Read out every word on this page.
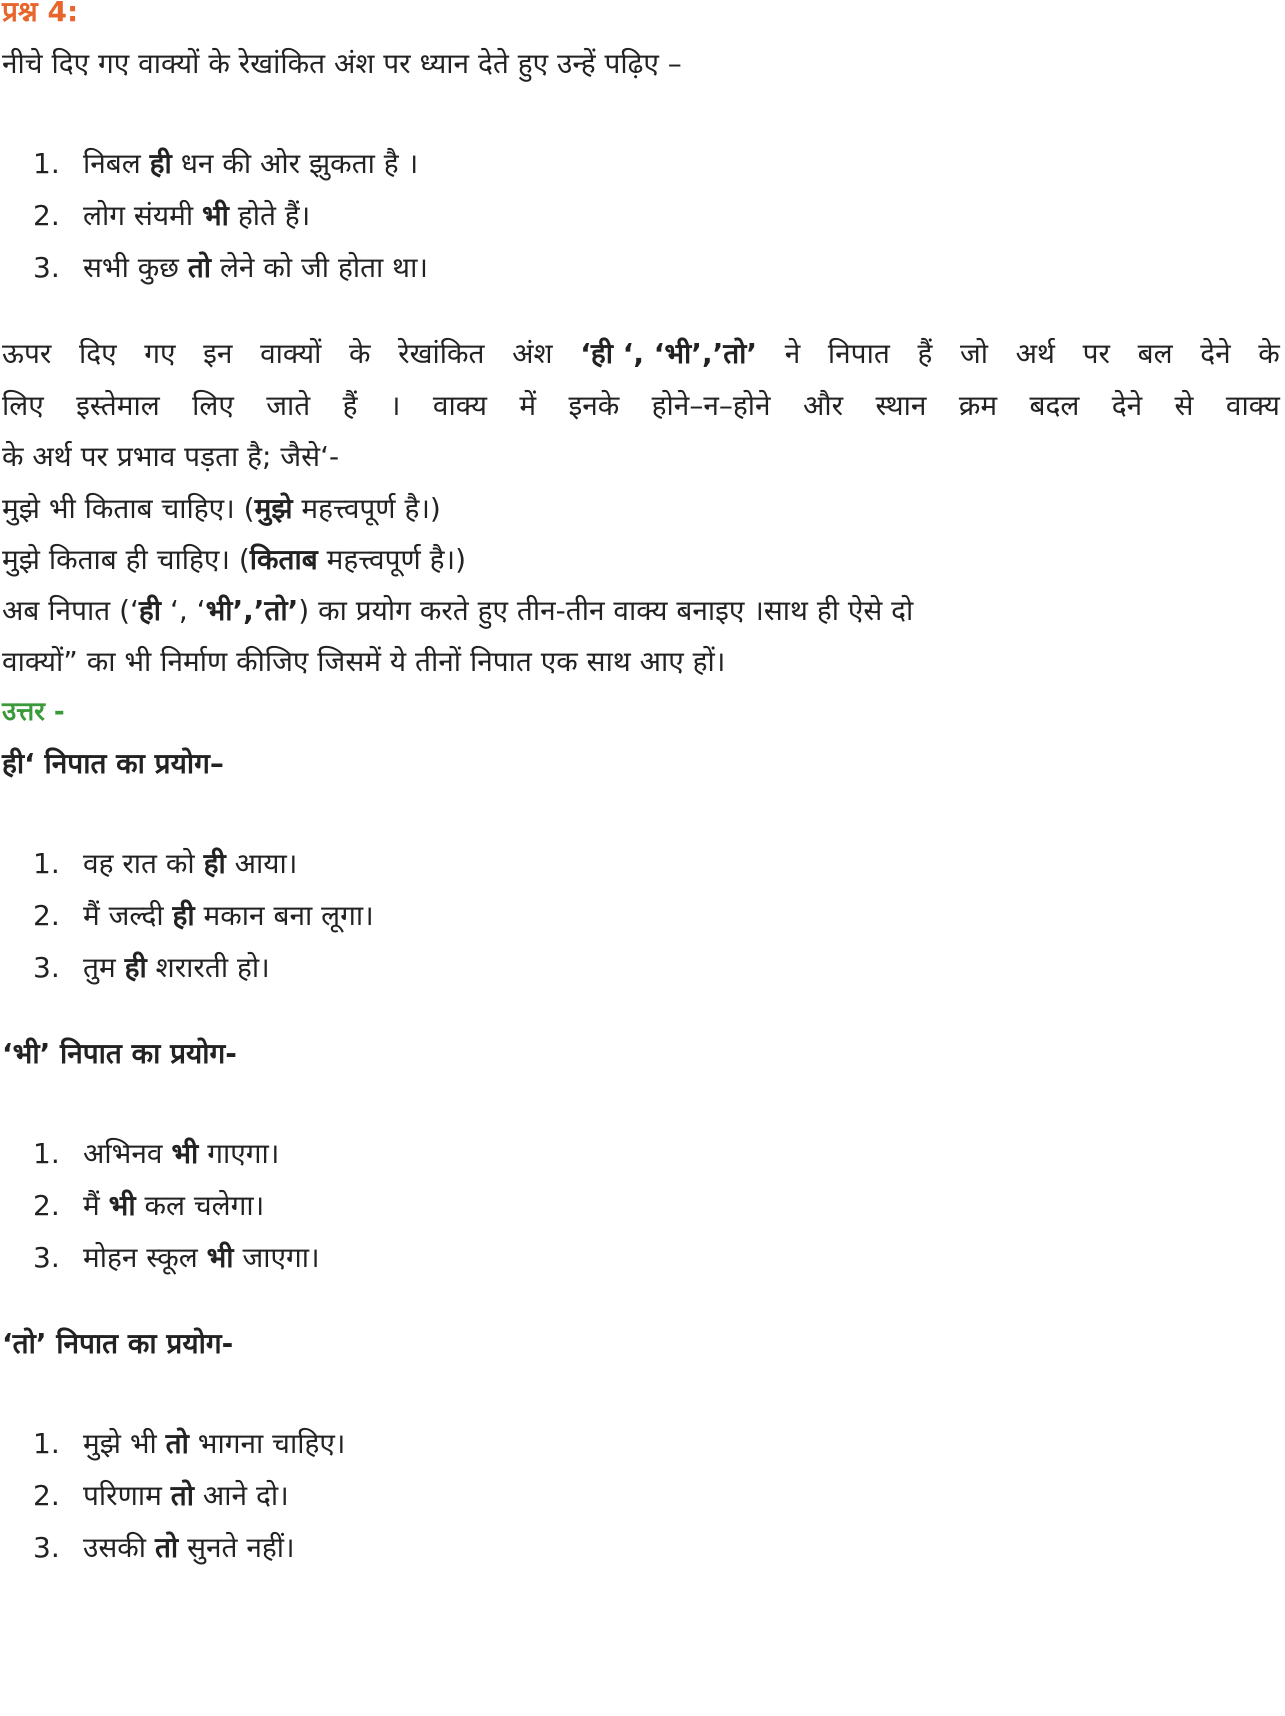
प्रश्न 4:
नीचे दिए गए वाक्यों के रेखांकित अंश पर ध्यान देते हुए उन्हें पढ़िए –
1. निबल ही धन की ओर झुकता है ।
2. लोग संयमी भी होते हैं।
3. सभी कुछ तो लेने को जी होता था।
ऊपर दिए गए इन वाक्यों के रेखांकित अंश ‘ही ‘, ‘भी’,’तो’ ने निपात हैं जो अर्थ पर बल देने के
लिए इस्तेमाल लिए जाते हैं । वाक्य में इनके होने–न–होने और स्थान क्रम बदल देने से वाक्य
के अर्थ पर प्रभाव पड़ता है; जैसे‘-
मुझे भी किताब चाहिए। (मुझे महत्त्वपूर्ण है।)
मुझे किताब ही चाहिए। (किताब महत्त्वपूर्ण है।)
अब निपात (‘ही ‘, ‘भी’,’तो’) का प्रयोग करते हुए तीन-तीन वाक्य बनाइए ।साथ ही ऐसे दो
वाक्यों” का भी निर्माण कीजिए जिसमें ये तीनों निपात एक साथ आए हों।
उत्तर -
ही‘ निपात का प्रयोग–
1. वह रात को ही आया।
2. मैं जल्दी ही मकान बना लूगा।
3. तुम ही शरारती हो।
‘भी’ निपात का प्रयोग-
1. अभिनव भी गाएगा।
2. मैं भी कल चलेगा।
3. मोहन स्कूल भी जाएगा।
‘तो’ निपात का प्रयोग-
1. मुझे भी तो भागना चाहिए।
2. परिणाम तो आने दो।
3. उसकी तो सुनते नहीं।
